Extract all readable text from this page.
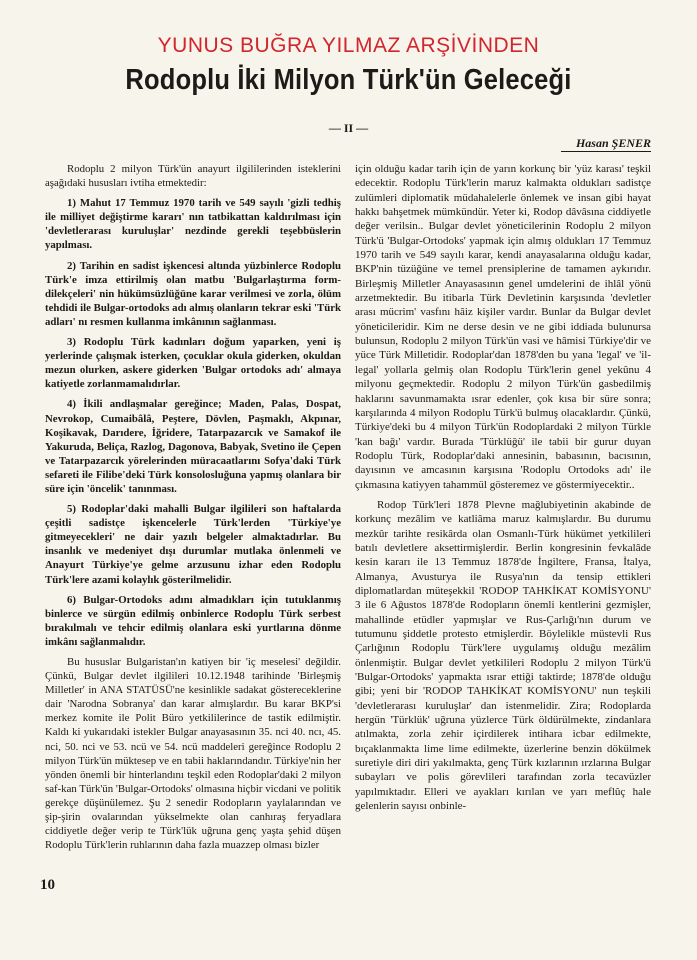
YUNUS BUĞRA YILMAZ ARŞİVİNDEN
Rodoplu İki Milyon Türk'ün Geleceği
— II —
Hasan ŞENER

Rodoplu 2 milyon Türk'ün anayurt ilgililerinden isteklerini aşağıdaki hususları ivtiha etmektedir:

1) Mahut 17 Temmuz 1970 tarih ve 549 sayılı 'gizli tedhiş ile milliyet değiştirme kararı' nın tatbikattan kaldırılması için 'devletlerarası kuruluşlar' nezdinde gerekli teşebbüslerin yapılması.

2) Tarihin en sadist işkencesi altında yüzbinlerce Rodoplu Türk'e imza ettirilmiş olan matbu 'Bulgarlaştırma form-dilekçeleri' nin hükümsüzlüğüne karar verilmesi ve zorla, ölüm tehdidi ile Bulgar-ortodoks adı almış olanların tekrar eski 'Türk adları' nı resmen kullanma imkânının sağlanması.

3) Rodoplu Türk kadınları doğum yaparken, yeni iş yerlerinde çalışmak isterken, çocuklar okula giderken, okuldan mezun olurken, askere giderken 'Bulgar ortodoks adı' almaya katiyetle zorlanmamalıdırlar.

4) İkili andlaşmalar gereğince; Maden, Palas, Dospat, Nevrokop, Cumaibâlâ, Peştere, Dövlen, Paşmaklı, Akpınar, Koşikavak, Darıdere, İğridere, Tatarpazarcık ve Samakof ile Yakuruda, Beliça, Razlog, Dagonova, Babyak, Svetino ile Çepen ve Tatarpazarcık yörelerinden müracaatlarını Sofya'daki Türk sefareti ile Filibe'deki Türk konsolosluğuna yapmış olanlara bir süre için 'öncelik' tanınması.

5) Rodoplar'daki mahalli Bulgar ilgilileri son haftalarda çeşitli sadistçe işkencelerle Türk'lerden 'Türkiye'ye gitmeyecekleri' ne dair yazılı belgeler almaktadırlar. Bu insanlık ve medeniyet dışı durumlar mutlaka önlenmeli ve Anayurt Türkiye'ye gelme arzusunu izhar eden Rodoplu Türk'lere azami kolaylık gösterilmelidir.

6) Bulgar-Ortodoks adını almadıkları için tutuklanmış binlerce ve sürgün edilmiş onbinlerce Rodoplu Türk serbest bırakılmalı ve tehcir edilmiş olanlara eski yurtlarına dönme imkânı sağlanmalıdır.

Bu hususlar Bulgaristan'ın katiyen bir 'iç meselesi' değildir. Çünkü, Bulgar devlet ilgilileri 10.12.1948 tarihinde 'Birleşmiş Milletler' in ANA STATÜSÜ'ne kesinlikle sadakat göstereceklerine dair 'Narodna Sobranya' dan karar almışlardır. Bu karar BKP'si merkez komite ile Polit Büro yetkililerince de tastik edilmiştir. Kaldı ki yukarıdaki istekler Bulgar anayasasının 35. nci 40. ncı, 45. nci, 50. nci ve 53. ncü ve 54. ncü maddeleri gereğince Rodoplu 2 milyon Türk'ün müktesep ve en tabii haklarındandır. Türkiye'nin her yönden önemli bir hinterlandını teşkil eden Rodoplar'daki 2 milyon saf-kan Türk'ün 'Bulgar-Ortodoks' olmasına hiçbir vicdani ve politik gerekçe düşünülemez. Şu 2 senedir Rodopların yaylalarından ve şip-şirin ovalarından yükselmekte olan canhıraş feryadlara ciddiyetle değer verip te Türk'lük uğruna genç yaşta şehid düşen Rodoplu Türk'lerin ruhlarının daha fazla muazzep olması bizler

için olduğu kadar tarih için de yarın korkunç bir 'yüz karası' teşkil edecektir. Rodoplu Türk'lerin maruz kalmakta oldukları sadistçe zulümleri diplomatik müdahalelerle önlemek ve insan gibi hayat hakkı bahşetmek mümkündür. Yeter ki, Rodop dâvâsına ciddiyetle değer verilsin.. Bulgar devlet yöneticilerinin Rodoplu 2 milyon Türk'ü 'Bulgar-Ortodoks' yapmak için almış oldukları 17 Temmuz 1970 tarih ve 549 sayılı karar, kendi anayasalarına olduğu kadar, BKP'nin tüzüğüne ve temel prensiplerine de tamamen aykırıdır. Birleşmiş Milletler Anayasasının genel umdelerini de ihlâl yönü arzetmektedir. Bu itibarla Türk Devletinin karşısında 'devletler arası mücrim' vasfını hâiz kişiler vardır. Bunlar da Bulgar devlet yöneticileridir. Kim ne derse desin ve ne gibi iddiada bulunursa bulunsun, Rodoplu 2 milyon Türk'ün vasi ve hâmisi Türkiye'dir ve yüce Türk Milletidir. Rodoplar'dan 1878'den bu yana 'legal' ve 'il-legal' yollarla gelmiş olan Rodoplu Türk'lerin genel yekûnu 4 milyonu geçmektedir. Rodoplu 2 milyon Türk'ün gasbedilmiş haklarını savunmamakta ısrar edenler, çok kısa bir süre sonra; karşılarında 4 milyon Rodoplu Türk'ü bulmuş olacaklardır. Çünkü, Türkiye'deki bu 4 milyon Türk'ün Rodoplardaki 2 milyon Türkle 'kan bağı' vardır. Burada 'Türklüğü' ile tabii bir gurur duyan Rodoplu Türk, Rodoplar'daki annesinin, babasının, bacısının, dayısının ve amcasının karşısına 'Rodoplu Ortodoks adı' ile çıkmasına katiyyen tahammül gösteremez ve göstermiyecektir..

Rodop Türk'leri 1878 Plevne mağlubiyetinin akabinde de korkunç mezâlim ve katliâma maruz kalmışlardır. Bu durumu mezkûr tarihte resikârda olan Osmanlı-Türk hükümet yetkilileri batılı devletlere aksettirmişlerdir. Berlin kongresinin fevkalâde kesin kararı ile 13 Temmuz 1878'de İngiltere, Fransa, İtalya, Almanya, Avusturya ile Rusya'nın da tensip ettikleri diplomatlardan müteşekkil 'RODOP TAHKİKAT KOMİSYONU' 3 ile 6 Ağustos 1878'de Rodopların önemli kentlerini gezmişler, mahallinde etüdler yapmışlar ve Rus-Çarlığı'nın durum ve tutumunu şiddetle protesto etmişlerdir. Böylelikle müstevli Rus Çarlığının Rodoplu Türk'lere uygulamış olduğu mezâlim önlenmiştir. Bulgar devlet yetkilileri Rodoplu 2 milyon Türk'ü 'Bulgar-Ortodoks' yapmakta ısrar ettiği taktirde; 1878'de olduğu gibi; yeni bir 'RODOP TAHKİKAT KOMİSYONU' nun teşkili 'devletlerarası kuruluşlar' dan istenmelidir. Zira; Rodoplarda hergün 'Türklük' uğruna yüzlerce Türk öldürülmekte, zindanlara atılmakta, zorla zehir içirdilerek intihara icbar edilmekte, bıçaklanmakta lime lime edilmekte, üzerlerine benzin dökülmek suretiyle diri diri yakılmakta, genç Türk kızlarının ırzlarına Bulgar subayları ve polis görevlileri tarafından zorla tecavüzler yapılmıktadır. Elleri ve ayakları kırılan ve yarı meflûç hale gelenlerin sayısı onbinle-

10
